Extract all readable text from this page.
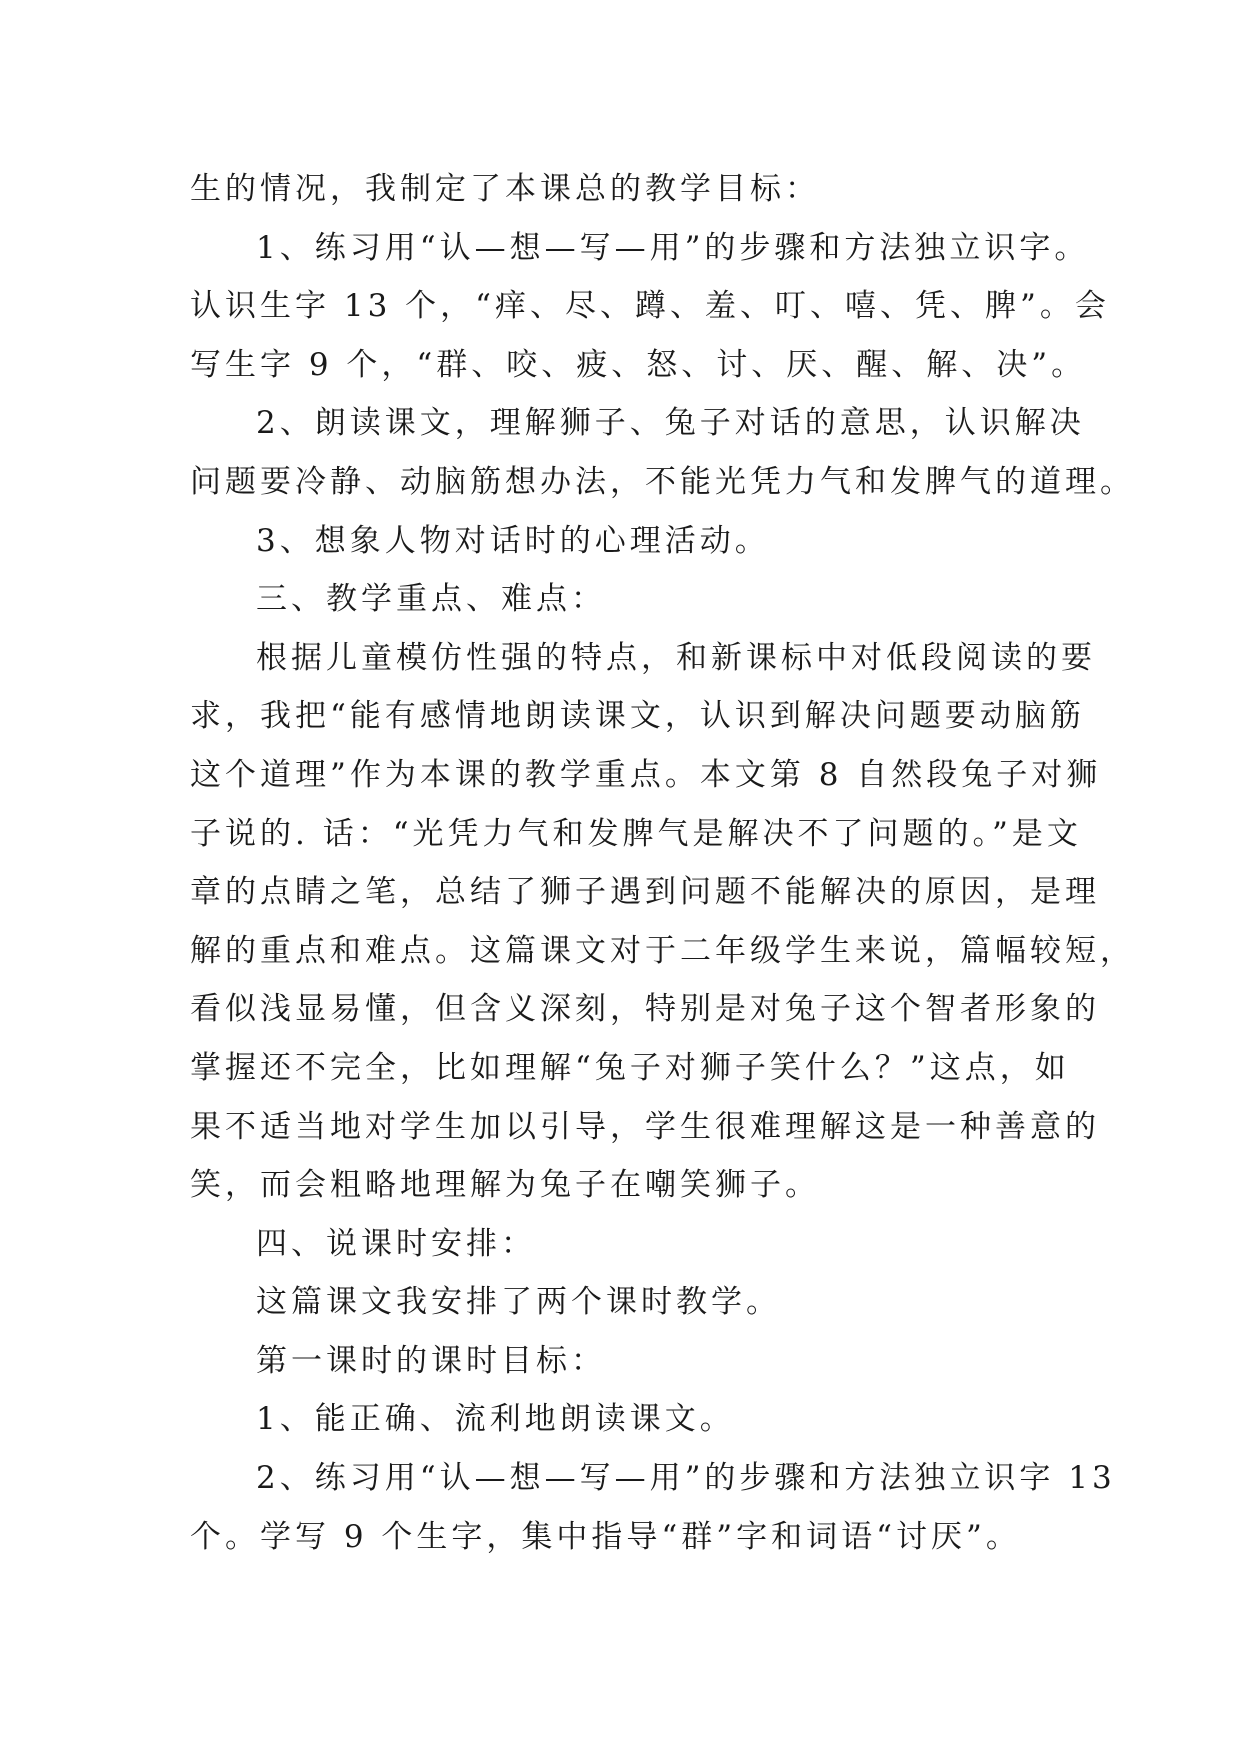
生的情况，我制定了本课总的教学目标：
1、练习用“认—想—写—用”的步骤和方法独立识字。
认识生字 13 个，“痒、尽、蹲、羞、叮、嘻、凭、脾”。会
写生字 9 个，“群、咬、疲、怒、讨、厌、醒、解、决”。
2、朗读课文，理解狮子、兔子对话的意思，认识解决
问题要冷静、动脑筋想办法，不能光凭力气和发脾气的道理。
3、想象人物对话时的心理活动。
三、教学重点、难点：
根据儿童模仿性强的特点，和新课标中对低段阅读的要
求，我把“能有感情地朗读课文，认识到解决问题要动脑筋
这个道理”作为本课的教学重点。本文第 8 自然段兔子对狮
子说的. 话：“光凭力气和发脾气是解决不了问题的。”是文
章的点睛之笔，总结了狮子遇到问题不能解决的原因，是理
解的重点和难点。这篇课文对于二年级学生来说，篇幅较短，
看似浅显易懂，但含义深刻，特别是对兔子这个智者形象的
掌握还不完全，比如理解“兔子对狮子笑什么？”这点，如
果不适当地对学生加以引导，学生很难理解这是一种善意的
笑，而会粗略地理解为兔子在嘲笑狮子。
四、说课时安排：
这篇课文我安排了两个课时教学。
第一课时的课时目标：
1、能正确、流利地朗读课文。
2、练习用“认—想—写—用”的步骤和方法独立识字 13
个。学写 9 个生字，集中指导“群”字和词语“讨厌”。
